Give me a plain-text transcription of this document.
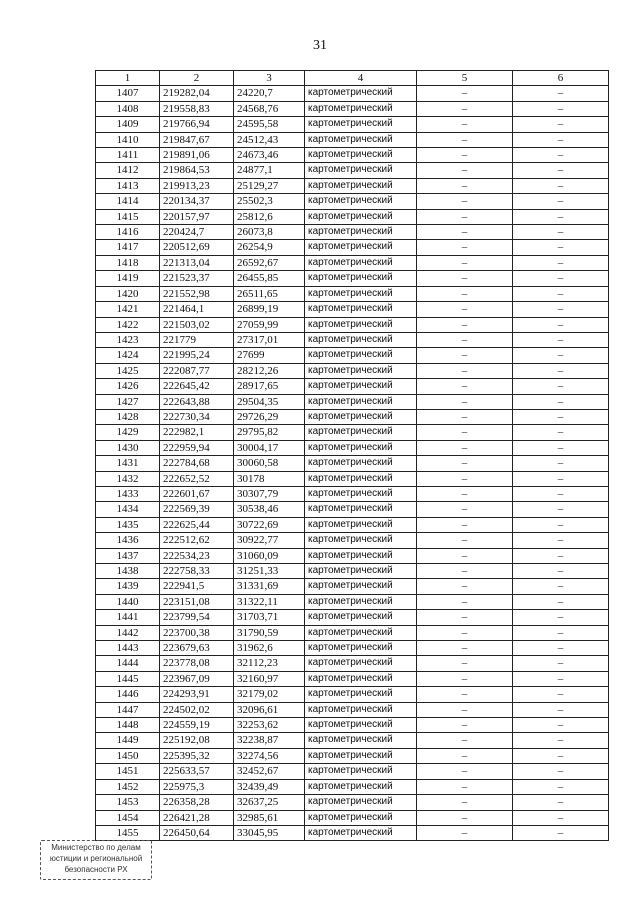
31
1	2	3	4	5	6
1407	219282,04	24220,7	картометрический	–	–
1408	219558,83	24568,76	картометрический	–	–
1409	219766,94	24595,58	картометрический	–	–
1410	219847,67	24512,43	картометрический	–	–
1411	219891,06	24673,46	картометрический	–	–
1412	219864,53	24877,1	картометрический	–	–
1413	219913,23	25129,27	картометрический	–	–
1414	220134,37	25502,3	картометрический	–	–
1415	220157,97	25812,6	картометрический	–	–
1416	220424,7	26073,8	картометрический	–	–
1417	220512,69	26254,9	картометрический	–	–
1418	221313,04	26592,67	картометрический	–	–
1419	221523,37	26455,85	картометрический	–	–
1420	221552,98	26511,65	картометрический	–	–
1421	221464,1	26899,19	картометрический	–	–
1422	221503,02	27059,99	картометрический	–	–
1423	221779	27317,01	картометрический	–	–
1424	221995,24	27699	картометрический	–	–
1425	222087,77	28212,26	картометрический	–	–
1426	222645,42	28917,65	картометрический	–	–
1427	222643,88	29504,35	картометрический	–	–
1428	222730,34	29726,29	картометрический	–	–
1429	222982,1	29795,82	картометрический	–	–
1430	222959,94	30004,17	картометрический	–	–
1431	222784,68	30060,58	картометрический	–	–
1432	222652,52	30178	картометрический	–	–
1433	222601,67	30307,79	картометрический	–	–
1434	222569,39	30538,46	картометрический	–	–
1435	222625,44	30722,69	картометрический	–	–
1436	222512,62	30922,77	картометрический	–	–
1437	222534,23	31060,09	картометрический	–	–
1438	222758,33	31251,33	картометрический	–	–
1439	222941,5	31331,69	картометрический	–	–
1440	223151,08	31322,11	картометрический	–	–
1441	223799,54	31703,71	картометрический	–	–
1442	223700,38	31790,59	картометрический	–	–
1443	223679,63	31962,6	картометрический	–	–
1444	223778,08	32112,23	картометрический	–	–
1445	223967,09	32160,97	картометрический	–	–
1446	224293,91	32179,02	картометрический	–	–
1447	224502,02	32096,61	картометрический	–	–
1448	224559,19	32253,62	картометрический	–	–
1449	225192,08	32238,87	картометрический	–	–
1450	225395,32	32274,56	картометрический	–	–
1451	225633,57	32452,67	картометрический	–	–
1452	225975,3	32439,49	картометрический	–	–
1453	226358,28	32637,25	картометрический	–	–
1454	226421,28	32985,61	картометрический	–	–
1455	226450,64	33045,95	картометрический	–	–
Министерство по делам
юстиции и региональной
безопасности РХ
